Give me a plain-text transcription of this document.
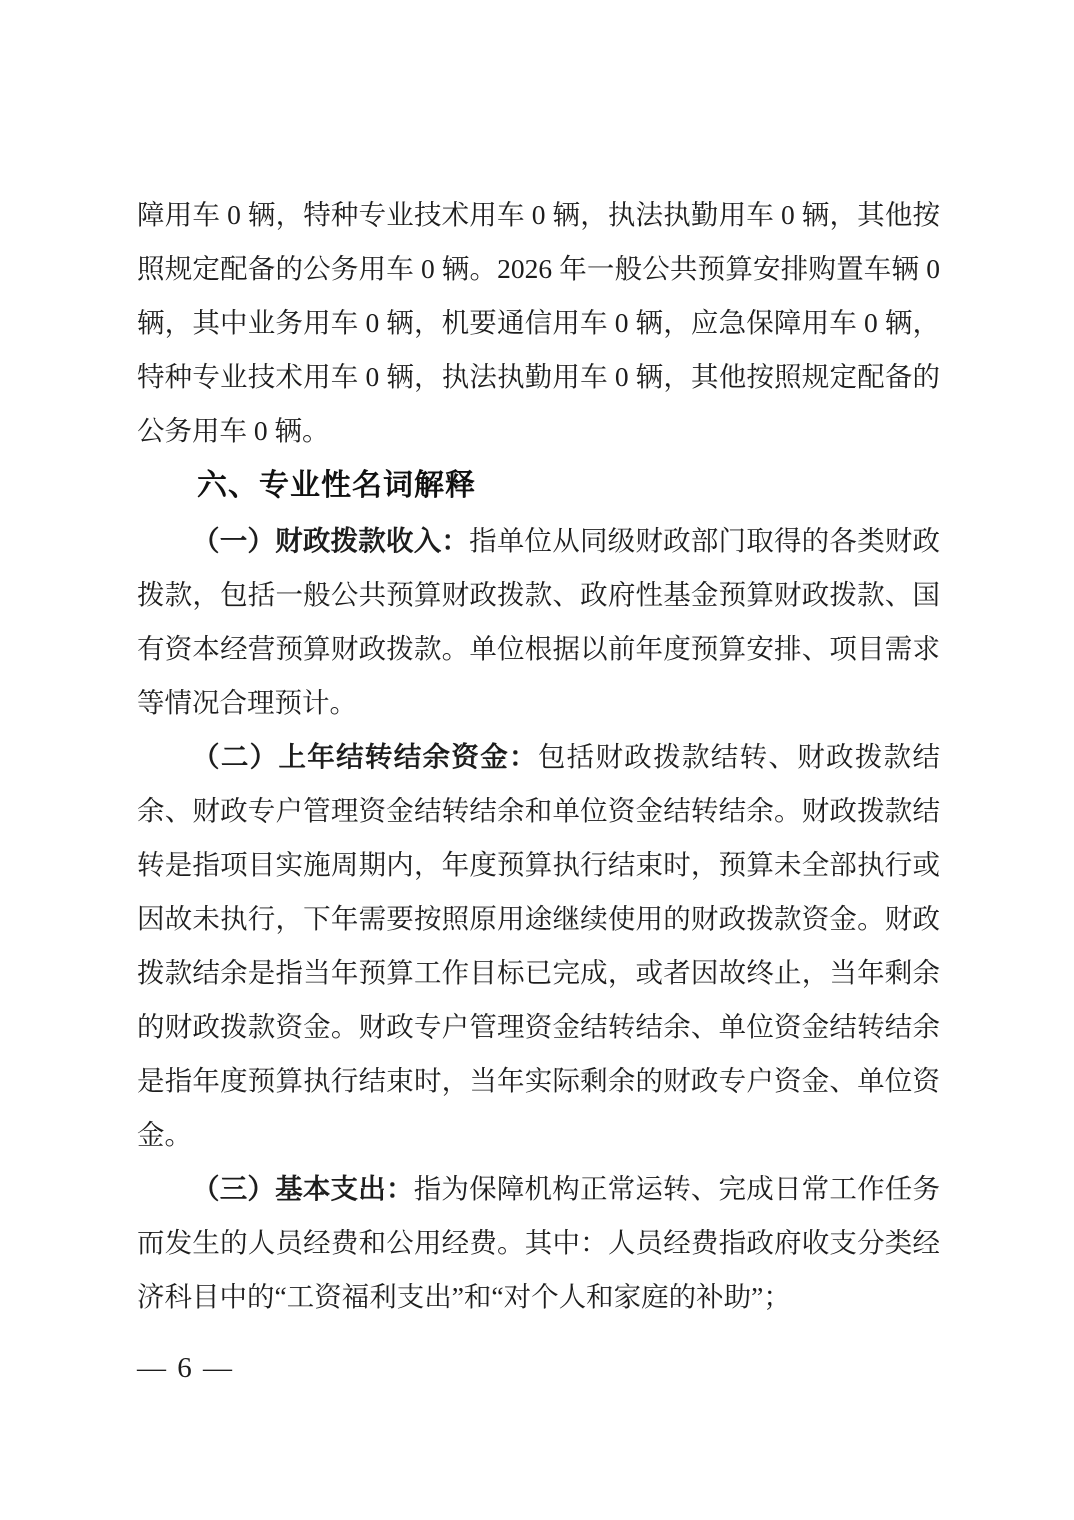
障用车 0 辆，特种专业技术用车 0 辆，执法执勤用车 0 辆，其他按照规定配备的公务用车 0 辆。2026 年一般公共预算安排购置车辆 0 辆，其中业务用车 0 辆，机要通信用车 0 辆，应急保障用车 0 辆，特种专业技术用车 0 辆，执法执勤用车 0 辆，其他按照规定配备的公务用车 0 辆。

六、专业性名词解释

（一）财政拨款收入：指单位从同级财政部门取得的各类财政拨款，包括一般公共预算财政拨款、政府性基金预算财政拨款、国有资本经营预算财政拨款。单位根据以前年度预算安排、项目需求等情况合理预计。

（二）上年结转结余资金：包括财政拨款结转、财政拨款结余、财政专户管理资金结转结余和单位资金结转结余。财政拨款结转是指项目实施周期内，年度预算执行结束时，预算未全部执行或因故未执行，下年需要按照原用途继续使用的财政拨款资金。财政拨款结余是指当年预算工作目标已完成，或者因故终止，当年剩余的财政拨款资金。财政专户管理资金结转结余、单位资金结转结余是指年度预算执行结束时，当年实际剩余的财政专户资金、单位资金。

（三）基本支出：指为保障机构正常运转、完成日常工作任务而发生的人员经费和公用经费。其中：人员经费指政府收支分类经济科目中的“工资福利支出”和“对个人和家庭的补助”；

— 6 —
